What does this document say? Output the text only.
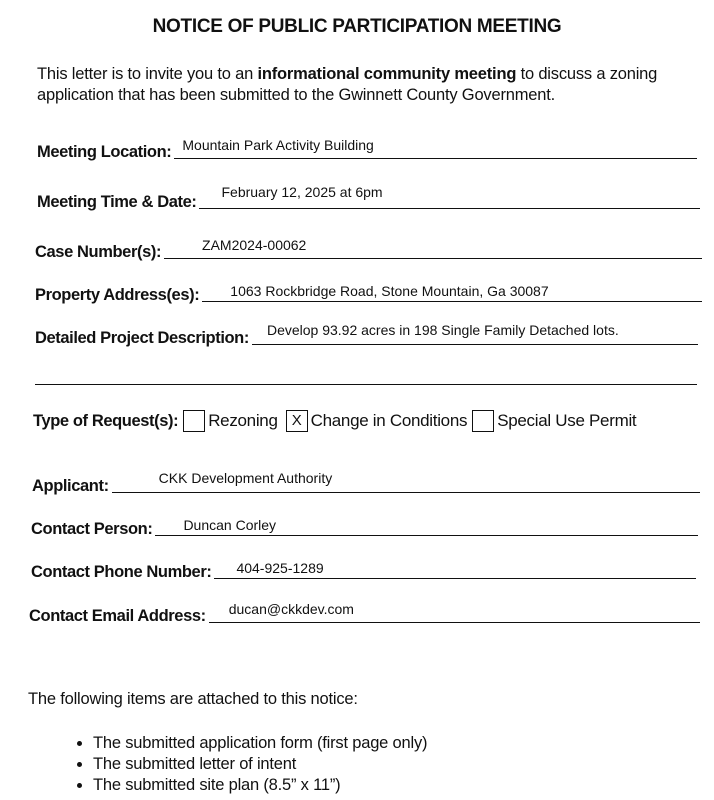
NOTICE OF PUBLIC PARTICIPATION MEETING
This letter is to invite you to an informational community meeting to discuss a zoning application that has been submitted to the Gwinnett County Government.
Meeting Location: Mountain Park Activity Building
Meeting Time & Date:
February 12, 2025 at 6pm
Case Number(s):	ZAM2024-00062
Property Address(es): 1063 Rockbridge Road, Stone Mountain, Ga 30087
Detailed Project Description: Develop 93.92 acres in 198 Single Family Detached lots.
Type of Request(s): Rezoning X Change in Conditions Special Use Permit
Applicant:	CKK Development Authority
Contact Person: Duncan Corley
Contact Phone Number: 404-925-1289
Contact Email Address: ducan@ckkdev.com
The following items are attached to this notice:
• The submitted application form (first page only)
• The submitted letter of intent
• The submitted site plan (8.5” x 11”)
